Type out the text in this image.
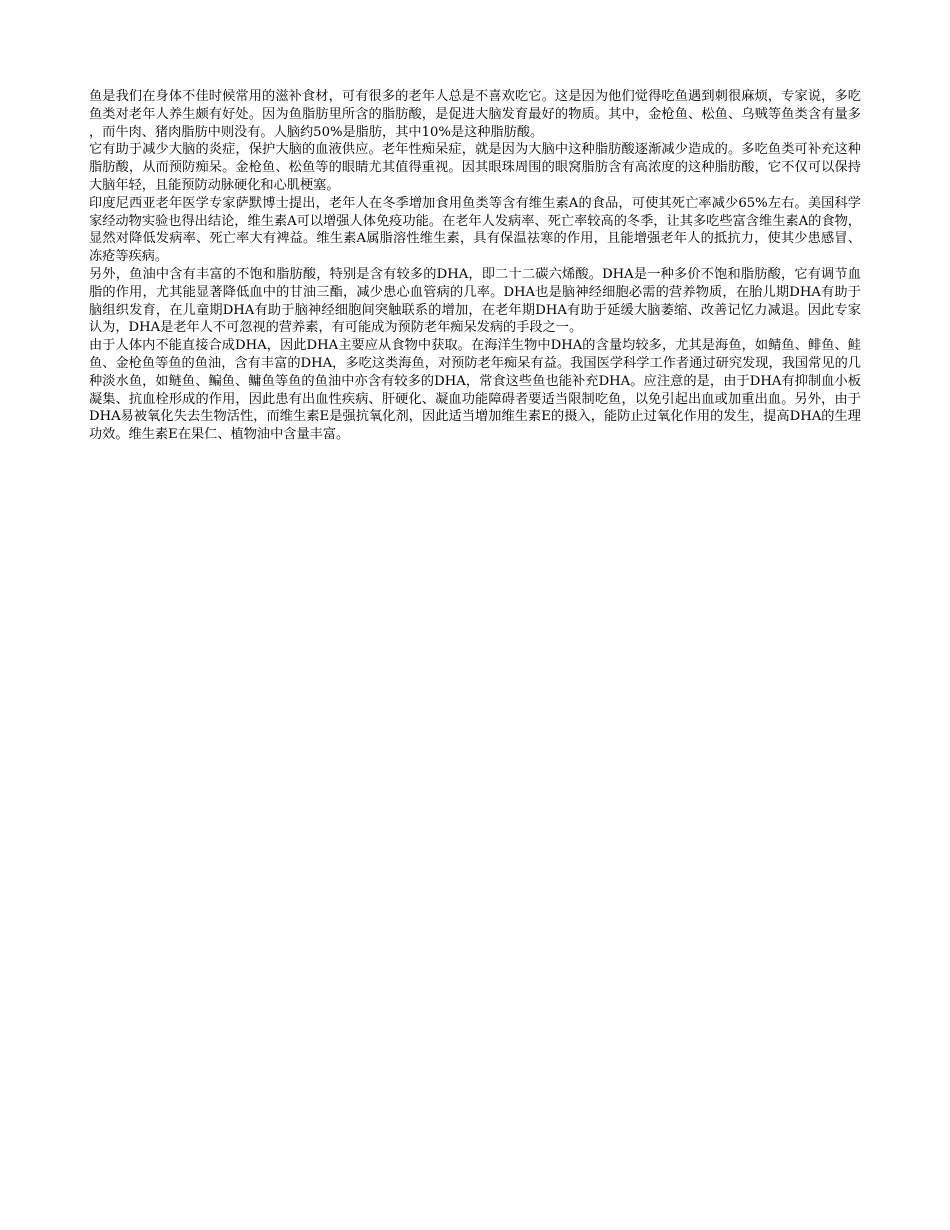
鱼是我们在身体不佳时候常用的滋补食材，可有很多的老年人总是不喜欢吃它。这是因为他们觉得吃鱼遇到刺很麻烦，专家说，多吃鱼类对老年人养生颇有好处。因为鱼脂肪里所含的脂肪酸，是促进大脑发育最好的物质。其中，金枪鱼、松鱼、乌贼等鱼类含有量多，而牛肉、猪肉脂肪中则没有。人脑约50%是脂肪，其中10%是这种脂肪酸。

它有助于减少大脑的炎症，保护大脑的血液供应。老年性痴呆症，就是因为大脑中这种脂肪酸逐渐减少造成的。多吃鱼类可补充这种脂肪酸，从而预防痴呆。金枪鱼、松鱼等的眼睛尤其值得重视。因其眼珠周围的眼窝脂肪含有高浓度的这种脂肪酸，它不仅可以保持大脑年轻，且能预防动脉硬化和心肌梗塞。

印度尼西亚老年医学专家萨默博士提出，老年人在冬季增加食用鱼类等含有维生素A的食品，可使其死亡率减少65%左右。美国科学家经动物实验也得出结论，维生素A可以增强人体免疫功能。在老年人发病率、死亡率较高的冬季，让其多吃些富含维生素A的食物，显然对降低发病率、死亡率大有裨益。维生素A属脂溶性维生素，具有保温祛寒的作用，且能增强老年人的抵抗力，使其少患感冒、冻疮等疾病。

另外，鱼油中含有丰富的不饱和脂肪酸，特别是含有较多的DHA，即二十二碳六烯酸。DHA是一种多价不饱和脂肪酸，它有调节血脂的作用，尤其能显著降低血中的甘油三酯，减少患心血管病的几率。DHA也是脑神经细胞必需的营养物质，在胎儿期DHA有助于脑组织发育，在儿童期DHA有助于脑神经细胞间突触联系的增加，在老年期DHA有助于延缓大脑萎缩、改善记忆力减退。因此专家认为，DHA是老年人不可忽视的营养素，有可能成为预防老年痴呆发病的手段之一。

由于人体内不能直接合成DHA，因此DHA主要应从食物中获取。在海洋生物中DHA的含量均较多，尤其是海鱼，如鲭鱼、鲱鱼、鲑鱼、金枪鱼等鱼的鱼油，含有丰富的DHA，多吃这类海鱼，对预防老年痴呆有益。我国医学科学工作者通过研究发现，我国常见的几种淡水鱼，如鲢鱼、鳊鱼、鳙鱼等鱼的鱼油中亦含有较多的DHA，常食这些鱼也能补充DHA。应注意的是，由于DHA有抑制血小板凝集、抗血栓形成的作用，因此患有出血性疾病、肝硬化、凝血功能障碍者要适当限制吃鱼，以免引起出血或加重出血。另外，由于DHA易被氧化失去生物活性，而维生素E是强抗氧化剂，因此适当增加维生素E的摄入，能防止过氧化作用的发生，提高DHA的生理功效。维生素E在果仁、植物油中含量丰富。
